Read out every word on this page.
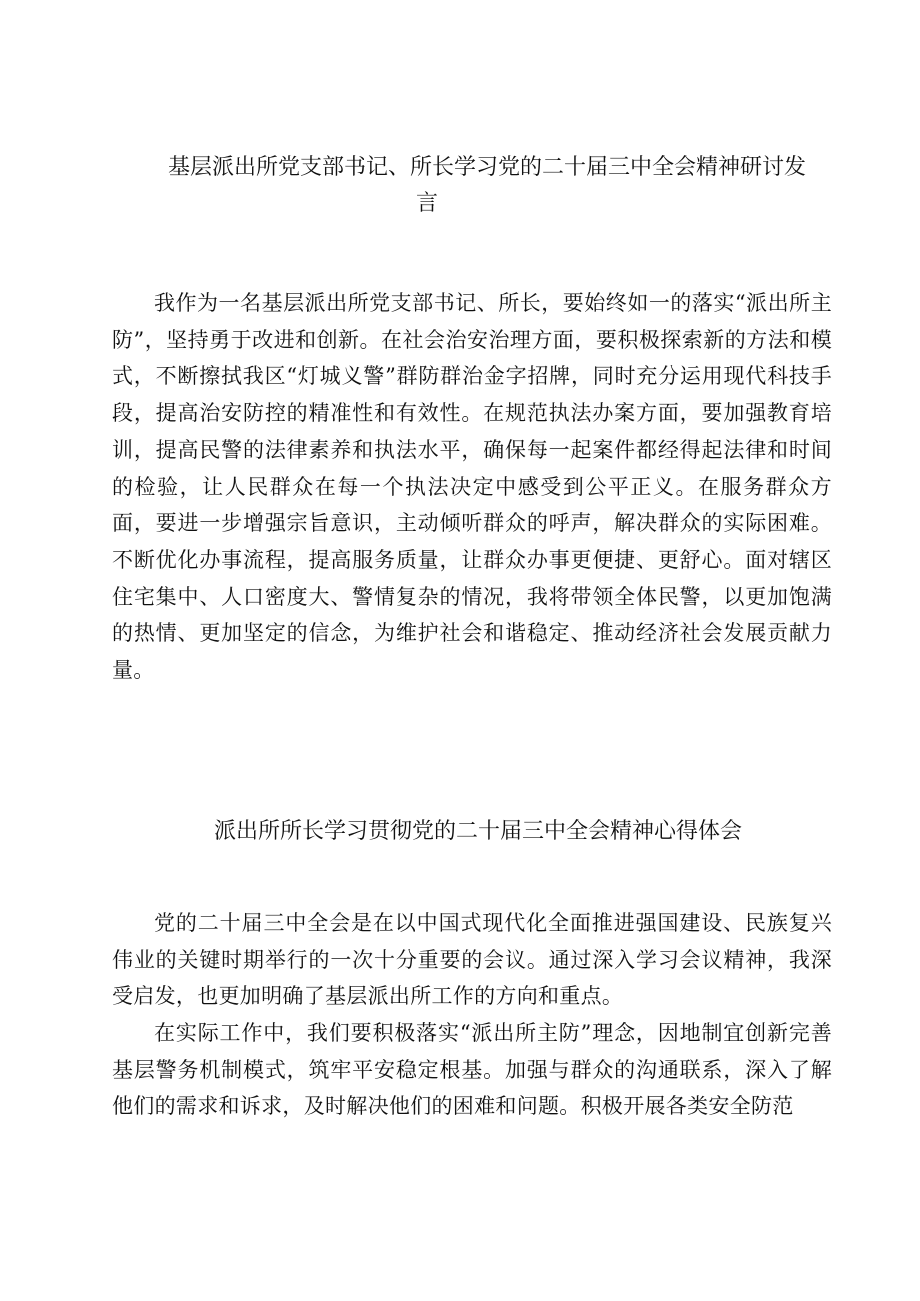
基层派出所党支部书记、所长学习党的二十届三中全会精神研讨发
言

我作为一名基层派出所党支部书记、所长，要始终如一的落实“派出所主防”，坚持勇于改进和创新。在社会治安治理方面，要积极探索新的方法和模式，不断擦拭我区“灯城义警”群防群治金字招牌，同时充分运用现代科技手段，提高治安防控的精准性和有效性。在规范执法办案方面，要加强教育培训，提高民警的法律素养和执法水平，确保每一起案件都经得起法律和时间的检验，让人民群众在每一个执法决定中感受到公平正义。在服务群众方面，要进一步增强宗旨意识，主动倾听群众的呼声，解决群众的实际困难。不断优化办事流程，提高服务质量，让群众办事更便捷、更舒心。面对辖区住宅集中、人口密度大、警情复杂的情况，我将带领全体民警，以更加饱满的热情、更加坚定的信念，为维护社会和谐稳定、推动经济社会发展贡献力量。

派出所所长学习贯彻党的二十届三中全会精神心得体会

党的二十届三中全会是在以中国式现代化全面推进强国建设、民族复兴伟业的关键时期举行的一次十分重要的会议。通过深入学习会议精神，我深受启发，也更加明确了基层派出所工作的方向和重点。

在实际工作中，我们要积极落实“派出所主防”理念，因地制宜创新完善基层警务机制模式，筑牢平安稳定根基。加强与群众的沟通联系，深入了解他们的需求和诉求，及时解决他们的困难和问题。积极开展各类安全防范
